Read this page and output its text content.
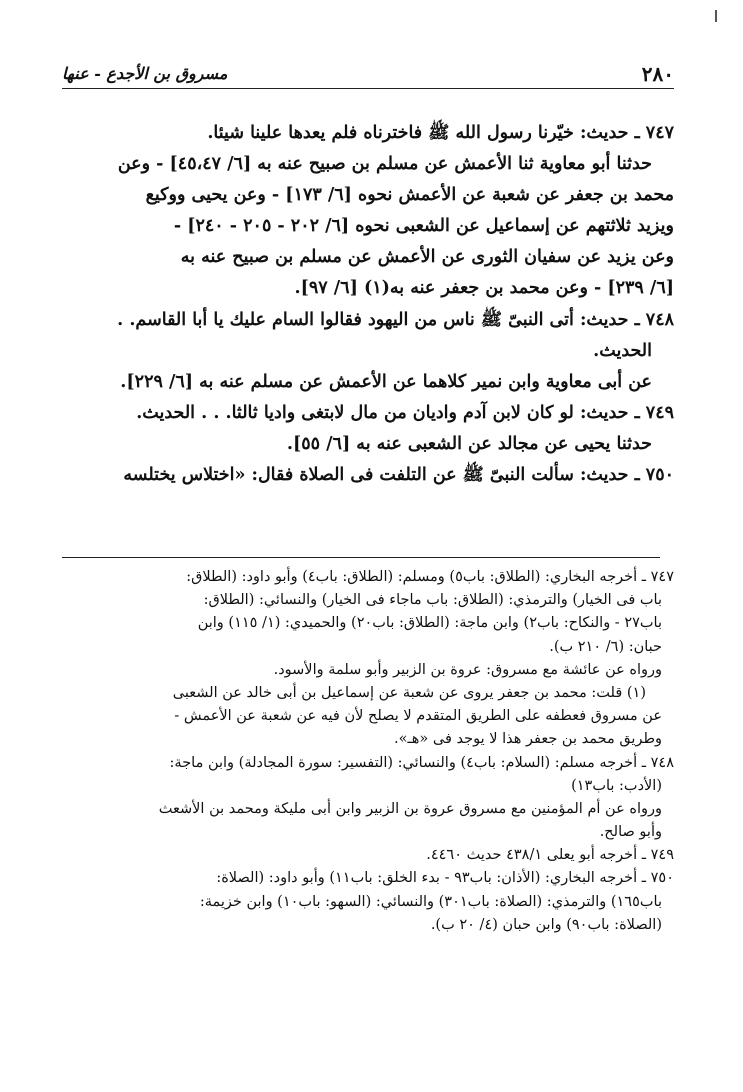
٢٨٠
مسروق بن الأجدع - عنها
٧٤٧ ـ حديث: خيّرنا رسول الله ﷺ فاخترناه فلم يعدها علينا شيئا.
حدثنا أبو معاوية ثنا الأعمش عن مسلم بن صبيح عنه به [٦/ ٤٥،٤٧] - وعن
محمد بن جعفر عن شعبة عن الأعمش نحوه [٦/ ١٧٣] - وعن يحيى ووكيع
ويزيد ثلاثتهم عن إسماعيل عن الشعبى نحوه [٦/ ٢٠٢ - ٢٠٥ - ٢٤٠] -
وعن يزيد عن سفيان الثورى عن الأعمش عن مسلم بن صبيح عنه به
[٦/ ٢٣٩] - وعن محمد بن جعفر عنه به(١) [٦/ ٩٧].
٧٤٨ ـ حديث: أتى النبىّ ﷺ ناس من اليهود فقالوا السام عليك يا أبا القاسم. .
الحديث.
عن أبى معاوية وابن نمير كلاهما عن الأعمش عن مسلم عنه به [٦/ ٢٢٩].
٧٤٩ ـ حديث: لو كان لابن آدم واديان من مال لابتغى واديا ثالثا. . . الحديث.
حدثنا يحيى عن مجالد عن الشعبى عنه به [٦/ ٥٥].
٧٥٠ ـ حديث: سألت النبىّ ﷺ عن التلفت فى الصلاة فقال: «اختلاس يختلسه
٧٤٧ ـ أخرجه البخاري: (الطلاق: باب٥) ومسلم: (الطلاق: باب٤) وأبو داود: (الطلاق:
باب فى الخيار) والترمذي: (الطلاق: باب ماجاء فى الخيار) والنسائي: (الطلاق:
باب٢٧ - والنكاح: باب٢) وابن ماجة: (الطلاق: باب٢٠) والحميدي: (١/ ١١٥) وابن
حبان: (٦/ ٢١٠ ب).
ورواه عن عائشة مع مسروق: عروة بن الزبير وأبو سلمة والأسود.
(١) قلت: محمد بن جعفر يروى عن شعبة عن إسماعيل بن أبى خالد عن الشعبى
عن مسروق فعطفه على الطريق المتقدم لا يصلح لأن فيه عن شعبة عن الأعمش -
وطريق محمد بن جعفر هذا لا يوجد فى «هـ».
٧٤٨ ـ أخرجه مسلم: (السلام: باب٤) والنسائي: (التفسير: سورة المجادلة) وابن ماجة:
(الأدب: باب١٣)
ورواه عن أم المؤمنين مع مسروق عروة بن الزبير وابن أبى مليكة ومحمد بن الأشعث
وأبو صالح.
٧٤٩ ـ أخرجه أبو يعلى ٤٣٨/١ حديث ٤٤٦٠.
٧٥٠ ـ أخرجه البخاري: (الأذان: باب٩٣ - بدء الخلق: باب١١) وأبو داود: (الصلاة:
باب١٦٥) والترمذي: (الصلاة: باب٣٠١) والنسائي: (السهو: باب١٠) وابن خزيمة:
(الصلاة: باب٩٠) وابن حبان (٤/ ٢٠ ب).
